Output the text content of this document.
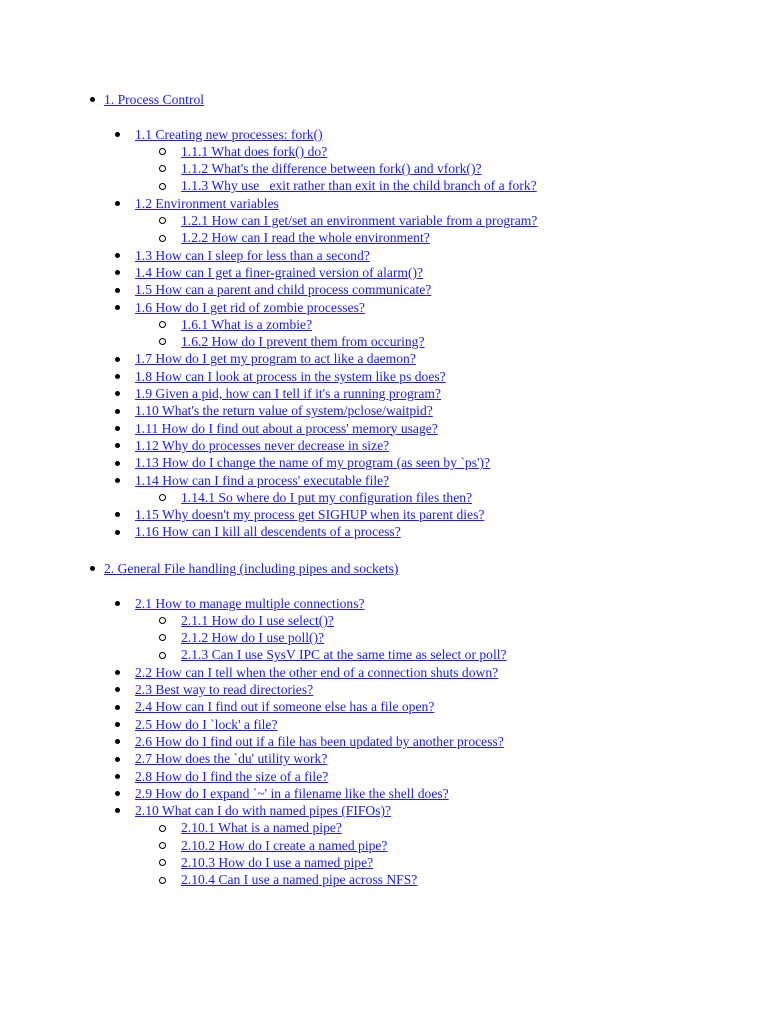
1. Process Control
1.1 Creating new processes: fork()
1.1.1 What does fork() do?
1.1.2 What's the difference between fork() and vfork()?
1.1.3 Why use _exit rather than exit in the child branch of a fork?
1.2 Environment variables
1.2.1 How can I get/set an environment variable from a program?
1.2.2 How can I read the whole environment?
1.3 How can I sleep for less than a second?
1.4 How can I get a finer-grained version of alarm()?
1.5 How can a parent and child process communicate?
1.6 How do I get rid of zombie processes?
1.6.1 What is a zombie?
1.6.2 How do I prevent them from occuring?
1.7 How do I get my program to act like a daemon?
1.8 How can I look at process in the system like ps does?
1.9 Given a pid, how can I tell if it's a running program?
1.10 What's the return value of system/pclose/waitpid?
1.11 How do I find out about a process' memory usage?
1.12 Why do processes never decrease in size?
1.13 How do I change the name of my program (as seen by `ps')?
1.14 How can I find a process' executable file?
1.14.1 So where do I put my configuration files then?
1.15 Why doesn't my process get SIGHUP when its parent dies?
1.16 How can I kill all descendents of a process?
2. General File handling (including pipes and sockets)
2.1 How to manage multiple connections?
2.1.1 How do I use select()?
2.1.2 How do I use poll()?
2.1.3 Can I use SysV IPC at the same time as select or poll?
2.2 How can I tell when the other end of a connection shuts down?
2.3 Best way to read directories?
2.4 How can I find out if someone else has a file open?
2.5 How do I `lock' a file?
2.6 How do I find out if a file has been updated by another process?
2.7 How does the `du' utility work?
2.8 How do I find the size of a file?
2.9 How do I expand `~' in a filename like the shell does?
2.10 What can I do with named pipes (FIFOs)?
2.10.1 What is a named pipe?
2.10.2 How do I create a named pipe?
2.10.3 How do I use a named pipe?
2.10.4 Can I use a named pipe across NFS?
